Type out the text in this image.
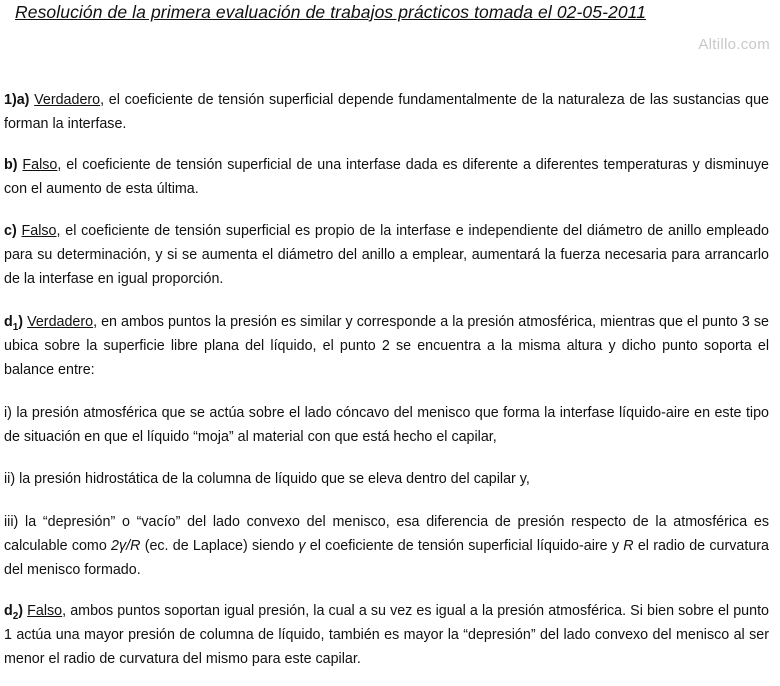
Resolución de la primera evaluación de trabajos prácticos tomada el 02-05-2011
Altillo.com

1)a) Verdadero, el coeficiente de tensión superficial depende fundamentalmente de la naturaleza de las sustancias que forman la interfase.

b) Falso, el coeficiente de tensión superficial de una interfase dada es diferente a diferentes temperaturas y disminuye con el aumento de esta última.

c) Falso, el coeficiente de tensión superficial es propio de la interfase e independiente del diámetro de anillo empleado para su determinación, y si se aumenta el diámetro del anillo a emplear, aumentará la fuerza necesaria para arrancarlo de la interfase en igual proporción.

$d_1$) Verdadero, en ambos puntos la presión es similar y corresponde a la presión atmosférica, mientras que el punto 3 se ubica sobre la superficie libre plana del líquido, el punto 2 se encuentra a la misma altura y dicho punto soporta el balance entre:

i) la presión atmosférica que se actúa sobre el lado cóncavo del menisco que forma la interfase líquido-aire en este tipo de situación en que el líquido “moja” al material con que está hecho el capilar,

ii) la presión hidrostática de la columna de líquido que se eleva dentro del capilar y,

iii) la “depresión” o “vacío” del lado convexo del menisco, esa diferencia de presión respecto de la atmosférica es calculable como 2γ/R (ec. de Laplace) siendo γ el coeficiente de tensión superficial líquido-aire y R el radio de curvatura del menisco formado.

$d_2$) Falso, ambos puntos soportan igual presión, la cual a su vez es igual a la presión atmosférica. Si bien sobre el punto 1 actúa una mayor presión de columna de líquido, también es mayor la “depresión” del lado convexo del menisco al ser menor el radio de curvatura del mismo para este capilar.
